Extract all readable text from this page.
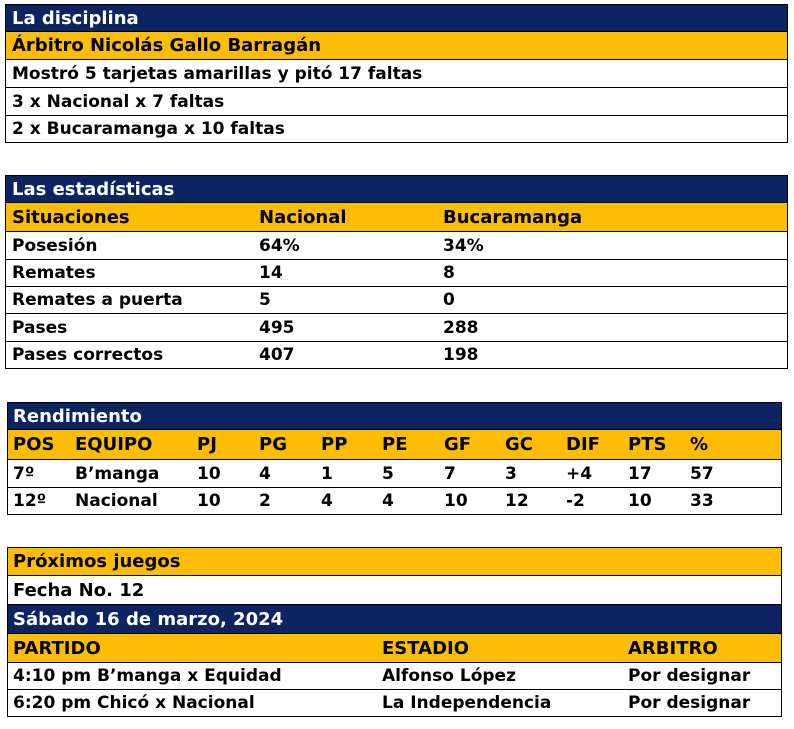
La disciplina
Árbitro Nicolás Gallo Barragán
Mostró 5 tarjetas amarillas y pitó 17 faltas
3 x Nacional x 7 faltas
2 x Bucaramanga x 10 faltas
Las estadísticas
Situaciones	Nacional	Bucaramanga
Posesión	64%	34%
Remates	14	8
Remates a puerta	5	0
Pases	495	288
Pases correctos	407	198
Rendimiento
POS EQUIPO PJ PG PP PE GF GC DIF PTS %
7º B’manga 10 4	1	5	7	3	+4 17 57
12º Nacional 10 2	4	4	10 12 -2	10 33
Próximos juegos
Fecha No. 12
Sábado 16 de marzo, 2024
PARTIDO	ESTADIO	ARBITRO
4:10 pm B’manga x Equidad	Alfonso López	Por designar
6:20 pm Chicó x Nacional	La Independencia	Por designar
